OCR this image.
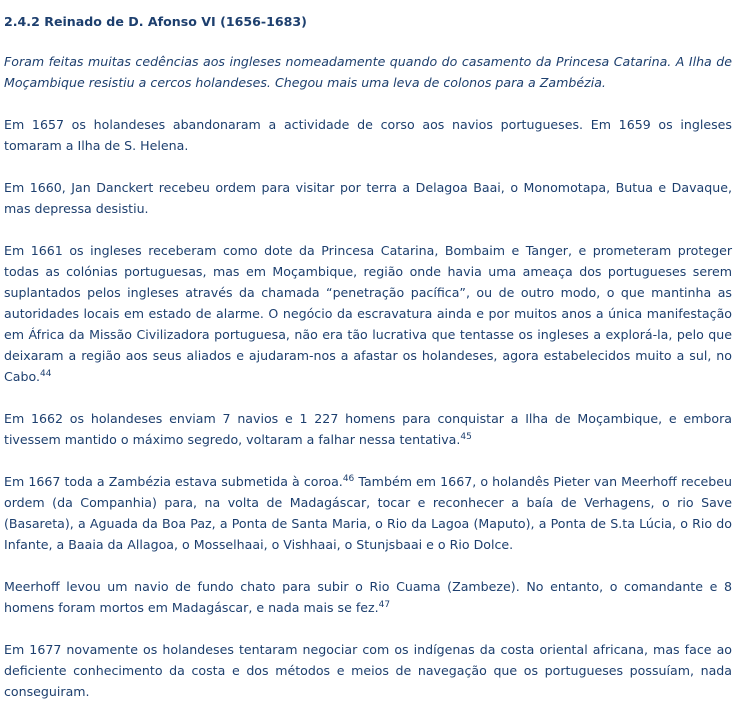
2.4.2 Reinado de D. Afonso VI (1656-1683)

Foram feitas muitas cedências aos ingleses nomeadamente quando do casamento da Princesa Catarina. A Ilha de Moçambique resistiu a cercos holandeses. Chegou mais uma leva de colonos para a Zambézia.

Em 1657 os holandeses abandonaram a actividade de corso aos navios portugueses. Em 1659 os ingleses tomaram a Ilha de S. Helena.

Em 1660, Jan Danckert recebeu ordem para visitar por terra a Delagoa Baai, o Monomotapa, Butua e Davaque, mas depressa desistiu.

Em 1661 os ingleses receberam como dote da Princesa Catarina, Bombaim e Tanger, e prometeram proteger todas as colónias portuguesas, mas em Moçambique, região onde havia uma ameaça dos portugueses serem suplantados pelos ingleses através da chamada “penetração pacífica”, ou de outro modo, o que mantinha as autoridades locais em estado de alarme. O negócio da escravatura ainda e por muitos anos a única manifestação em África da Missão Civilizadora portuguesa, não era tão lucrativa que tentasse os ingleses a explorá-la, pelo que deixaram a região aos seus aliados e ajudaram-nos a afastar os holandeses, agora estabelecidos muito a sul, no Cabo.$^{44}$

Em 1662 os holandeses enviam 7 navios e 1 227 homens para conquistar a Ilha de Moçambique, e embora tivessem mantido o máximo segredo, voltaram a falhar nessa tentativa.$^{45}$

Em 1667 toda a Zambézia estava submetida à coroa.$^{46}$ Também em 1667, o holandês Pieter van Meerhoff recebeu ordem (da Companhia) para, na volta de Madagáscar, tocar e reconhecer a baía de Verhagens, o rio Save (Basareta), a Aguada da Boa Paz, a Ponta de Santa Maria, o Rio da Lagoa (Maputo), a Ponta de S.ta Lúcia, o Rio do Infante, a Baaia da Allagoa, o Mosselhaai, o Vishhaai, o Stunjsbaai e o Rio Dolce.

Meerhoff levou um navio de fundo chato para subir o Rio Cuama (Zambeze). No entanto, o comandante e 8 homens foram mortos em Madagáscar, e nada mais se fez.$^{47}$

Em 1677 novamente os holandeses tentaram negociar com os indígenas da costa oriental africana, mas face ao deficiente conhecimento da costa e dos métodos e meios de navegação que os portugueses possuíam, nada conseguiram.
